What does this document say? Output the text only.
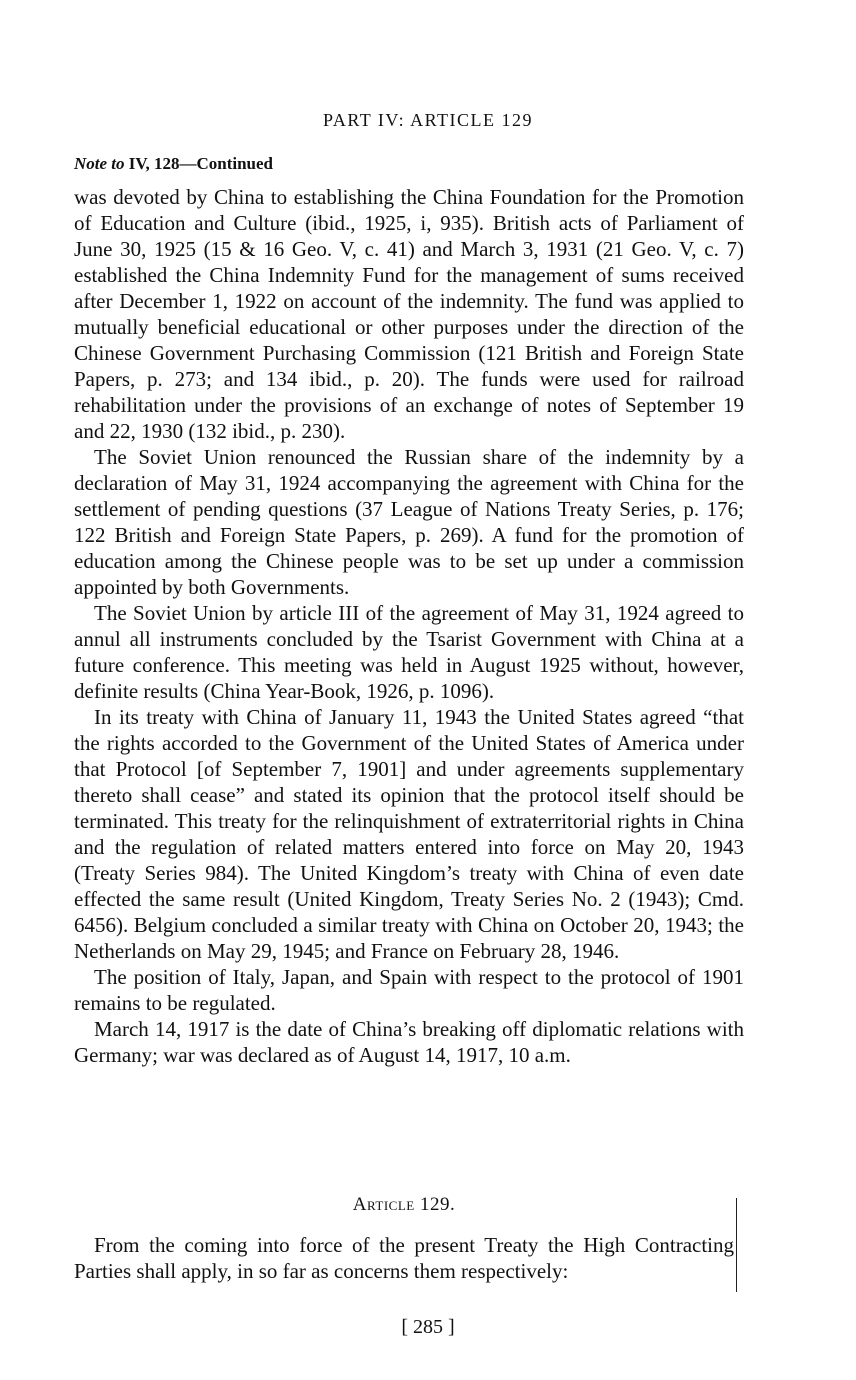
PART IV: ARTICLE 129
Note to IV, 128—Continued

was devoted by China to establishing the China Foundation for the Promotion of Education and Culture (ibid., 1925, i, 935). British acts of Parliament of June 30, 1925 (15 & 16 Geo. V, c. 41) and March 3, 1931 (21 Geo. V, c. 7) established the China Indemnity Fund for the management of sums received after December 1, 1922 on account of the indemnity. The fund was applied to mutually beneficial educational or other purposes under the direction of the Chinese Government Purchasing Commission (121 British and Foreign State Papers, p. 273; and 134 ibid., p. 20). The funds were used for railroad rehabilitation under the provisions of an exchange of notes of September 19 and 22, 1930 (132 ibid., p. 230).

The Soviet Union renounced the Russian share of the indemnity by a declaration of May 31, 1924 accompanying the agreement with China for the settlement of pending questions (37 League of Nations Treaty Series, p. 176; 122 British and Foreign State Papers, p. 269). A fund for the promotion of education among the Chinese people was to be set up under a commission appointed by both Governments.

The Soviet Union by article III of the agreement of May 31, 1924 agreed to annul all instruments concluded by the Tsarist Government with China at a future conference. This meeting was held in August 1925 without, however, definite results (China Year-Book, 1926, p. 1096).

In its treaty with China of January 11, 1943 the United States agreed “that the rights accorded to the Government of the United States of America under that Protocol [of September 7, 1901] and under agreements supplementary thereto shall cease” and stated its opinion that the protocol itself should be terminated. This treaty for the relinquishment of extraterritorial rights in China and the regulation of related matters entered into force on May 20, 1943 (Treaty Series 984). The United Kingdom’s treaty with China of even date effected the same result (United Kingdom, Treaty Series No. 2 (1943); Cmd. 6456). Belgium concluded a similar treaty with China on October 20, 1943; the Netherlands on May 29, 1945; and France on February 28, 1946.

The position of Italy, Japan, and Spain with respect to the protocol of 1901 remains to be regulated.

March 14, 1917 is the date of China’s breaking off diplomatic relations with Germany; war was declared as of August 14, 1917, 10 a.m.

Article 129.

From the coming into force of the present Treaty the High Contracting Parties shall apply, in so far as concerns them respectively:

[ 285 ]
